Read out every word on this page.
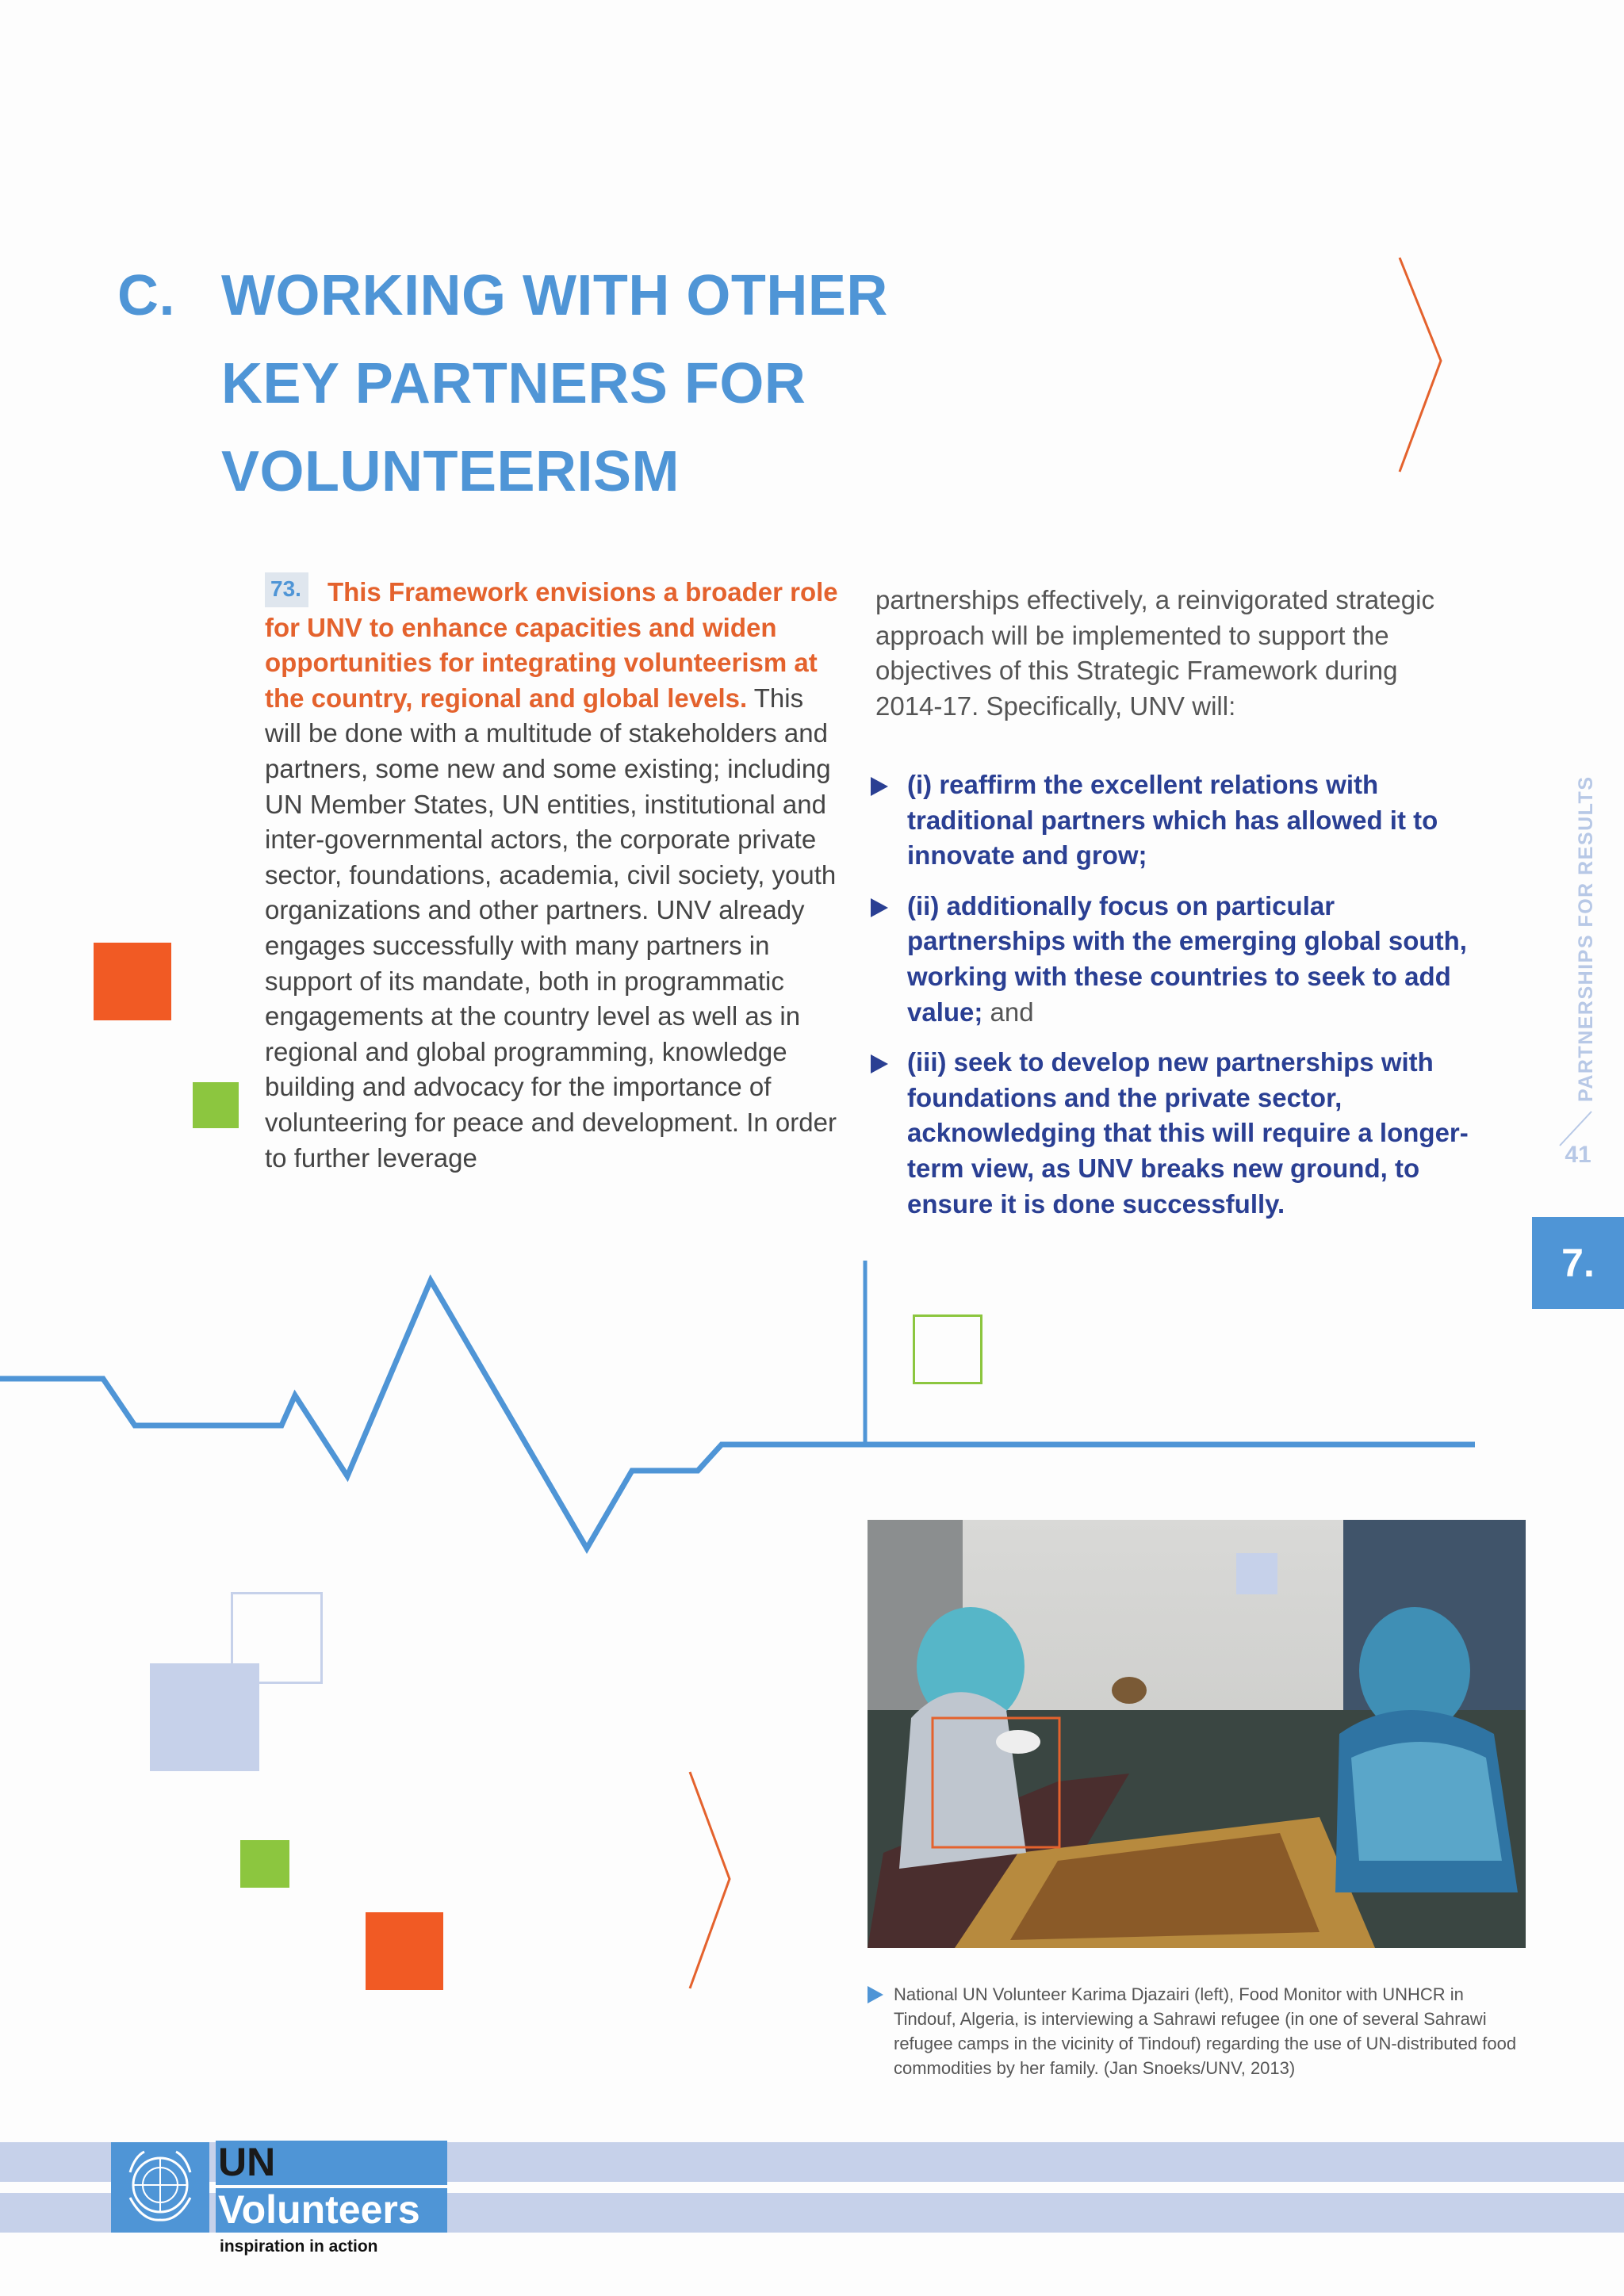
C. WORKING WITH OTHER
KEY PARTNERS FOR
VOLUNTEERISM
73. This Framework envisions a broader role for UNV to enhance capacities and widen opportunities for integrating volunteerism at the country, regional and global levels. This will be done with a multitude of stakeholders and partners, some new and some existing; including UN Member States, UN entities, institutional and inter-governmental actors, the corporate private sector, foundations, academia, civil society, youth organizations and other partners. UNV already engages successfully with many partners in support of its mandate, both in programmatic engagements at the country level as well as in regional and global programming, knowledge building and advocacy for the importance of volunteering for peace and development. In order to further leverage
partnerships effectively, a reinvigorated strategic approach will be implemented to support the objectives of this Strategic Framework during 2014-17. Specifically, UNV will:
(i) reaffirm the excellent relations with traditional partners which has allowed it to innovate and grow;
(ii) additionally focus on particular partnerships with the emerging global south, working with these countries to seek to add value; and
(iii) seek to develop new partnerships with foundations and the private sector, acknowledging that this will require a longer-term view, as UNV breaks new ground, to ensure it is done successfully.
PARTNERSHIPS FOR RESULTS
41
7.
National UN Volunteer Karima Djazairi (left), Food Monitor with UNHCR in Tindouf, Algeria, is interviewing a Sahrawi refugee (in one of several Sahrawi refugee camps in the vicinity of Tindouf) regarding the use of UN-distributed food commodities by her family. (Jan Snoeks/UNV, 2013)
UN
Volunteers
inspiration in action
